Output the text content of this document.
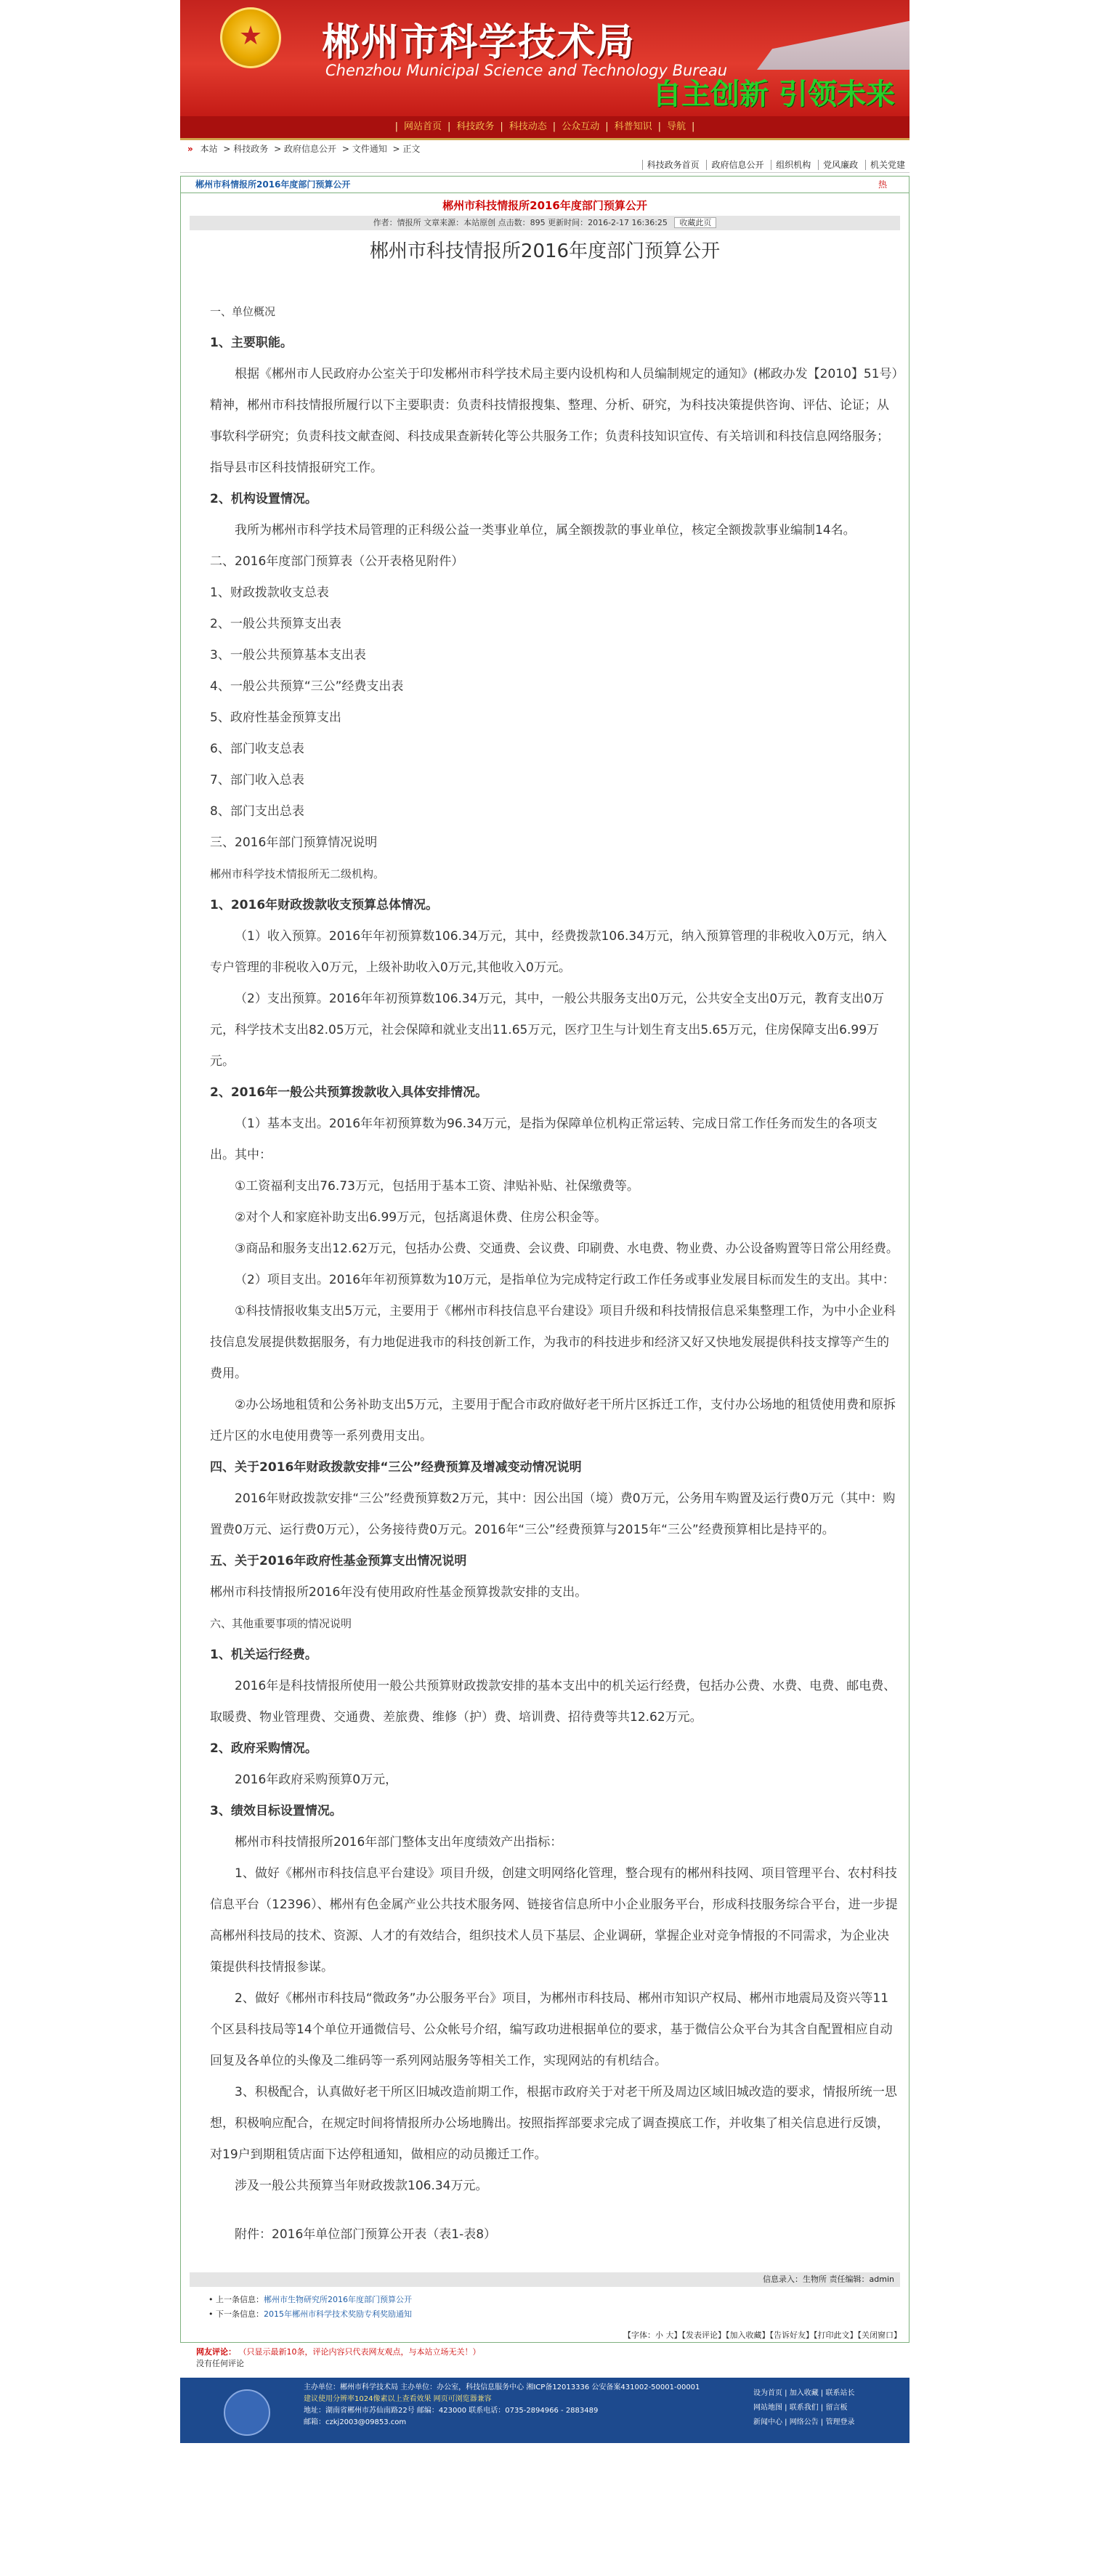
★
郴州市科学技术局
Chenzhou Municipal Science and Technology Bureau
自主创新 引领未来
| 网站首页 | 科技政务 | 科技动态 | 公众互动 | 科普知识 | 导航 |
» 本站 > 科技政务 > 政府信息公开 > 文件通知 > 正文
科技政务首页 政府信息公开 组织机构 党风廉政 机关党建
郴州市科情报所2016年度部门预算公开	热
郴州市科技情报所2016年度部门预算公开
作者：情报所 文章来源：本站原创 点击数：895 更新时间：2016-2-17 16:36:25 收藏此页
郴州市科技情报所2016年度部门预算公开

一、单位概况

1、主要职能。

根据《郴州市人民政府办公室关于印发郴州市科学技术局主要内设机构和人员编制规定的通知》(郴政办发【2010】51号）精神，郴州市科技情报所履行以下主要职责：负责科技情报搜集、整理、分析、研究，为科技决策提供咨询、评估、论证；从事软科学研究；负责科技文献查阅、科技成果查新转化等公共服务工作；负责科技知识宣传、有关培训和科技信息网络服务；指导县市区科技情报研究工作。

2、机构设置情况。

我所为郴州市科学技术局管理的正科级公益一类事业单位，属全额拨款的事业单位，核定全额拨款事业编制14名。

二、2016年度部门预算表（公开表格见附件）

1、财政拨款收支总表

2、一般公共预算支出表

3、一般公共预算基本支出表

4、一般公共预算“三公”经费支出表

5、政府性基金预算支出

6、部门收支总表

7、部门收入总表

8、部门支出总表

三、2016年部门预算情况说明

郴州市科学技术情报所无二级机构。

1、2016年财政拨款收支预算总体情况。

（1）收入预算。2016年年初预算数106.34万元，其中，经费拨款106.34万元，纳入预算管理的非税收入0万元，纳入专户管理的非税收入0万元，上级补助收入0万元,其他收入0万元。

（2）支出预算。2016年年初预算数106.34万元，其中，一般公共服务支出0万元，公共安全支出0万元，教育支出0万元，科学技术支出82.05万元，社会保障和就业支出11.65万元，医疗卫生与计划生育支出5.65万元，住房保障支出6.99万元。

2、2016年一般公共预算拨款收入具体安排情况。

（1）基本支出。2016年年初预算数为96.34万元，是指为保障单位机构正常运转、完成日常工作任务而发生的各项支出。其中：

①工资福利支出76.73万元，包括用于基本工资、津贴补贴、社保缴费等。

②对个人和家庭补助支出6.99万元，包括离退休费、住房公积金等。

③商品和服务支出12.62万元，包括办公费、交通费、会议费、印刷费、水电费、物业费、办公设备购置等日常公用经费。

（2）项目支出。2016年年初预算数为10万元，是指单位为完成特定行政工作任务或事业发展目标而发生的支出。其中：

①科技情报收集支出5万元，主要用于《郴州市科技信息平台建设》项目升级和科技情报信息采集整理工作，为中小企业科技信息发展提供数据服务，有力地促进我市的科技创新工作，为我市的科技进步和经济又好又快地发展提供科技支撑等产生的费用。

②办公场地租赁和公务补助支出5万元，主要用于配合市政府做好老干所片区拆迁工作，支付办公场地的租赁使用费和原拆迁片区的水电使用费等一系列费用支出。

四、关于2016年财政拨款安排“三公”经费预算及增减变动情况说明

2016年财政拨款安排“三公”经费预算数2万元，其中：因公出国（境）费0万元，公务用车购置及运行费0万元（其中：购置费0万元、运行费0万元），公务接待费0万元。2016年“三公”经费预算与2015年“三公”经费预算相比是持平的。

五、关于2016年政府性基金预算支出情况说明

郴州市科技情报所2016年没有使用政府性基金预算拨款安排的支出。

六、其他重要事项的情况说明

1、机关运行经费。

2016年是科技情报所使用一般公共预算财政拨款安排的基本支出中的机关运行经费，包括办公费、水费、电费、邮电费、取暖费、物业管理费、交通费、差旅费、维修（护）费、培训费、招待费等共12.62万元。

2、政府采购情况。

2016年政府采购预算0万元，

3、绩效目标设置情况。

郴州市科技情报所2016年部门整体支出年度绩效产出指标：

1、做好《郴州市科技信息平台建设》项目升级，创建文明网络化管理，整合现有的郴州科技网、项目管理平台、农村科技信息平台（12396）、郴州有色金属产业公共技术服务网、链接省信息所中小企业服务平台，形成科技服务综合平台，进一步提高郴州科技局的技术、资源、人才的有效结合，组织技术人员下基层、企业调研，掌握企业对竞争情报的不同需求，为企业决策提供科技情报参谋。

2、做好《郴州市科技局“微政务”办公服务平台》项目，为郴州市科技局、郴州市知识产权局、郴州市地震局及资兴等11个区县科技局等14个单位开通微信号、公众帐号介绍，编写政功进根据单位的要求，基于微信公众平台为其含自配置相应自动回复及各单位的头像及二维码等一系列网站服务等相关工作，实现网站的有机结合。

3、积极配合，认真做好老干所区旧城改造前期工作，根据市政府关于对老干所及周边区域旧城改造的要求，情报所统一思想，积极响应配合，在规定时间将情报所办公场地腾出。按照指挥部要求完成了调查摸底工作，并收集了相关信息进行反馈，对19户到期租赁店面下达停租通知，做相应的动员搬迁工作。

涉及一般公共预算当年财政拨款106.34万元。

附件：2016年单位部门预算公开表（表1-表8）
信息录入：生物所 责任编辑：admin
• 上一条信息：郴州市生物研究所2016年度部门预算公开
• 下一条信息：2015年郴州市科学技术奖励专利奖励通知
【字体：小 大】【发表评论】【加入收藏】【告诉好友】【打印此文】【关闭窗口】
网友评论： （只显示最新10条，评论内容只代表网友观点，与本站立场无关！）
没有任何评论
主办单位：郴州市科学技术局 主办单位：办公室，科技信息服务中心 湘ICP备12013336 公安备案431002-50001-00001
建议使用分辨率1024像素以上查看效果 网页可浏览器兼容
地址：湖南省郴州市苏仙南路22号 邮编：423000 联系电话：0735-2894966 - 2883489
邮箱：czkj2003@09853.com
设为首页 | 加入收藏 | 联系站长
网站地图 | 联系我们 | 留言板
新闻中心 | 网络公告 | 管理登录
